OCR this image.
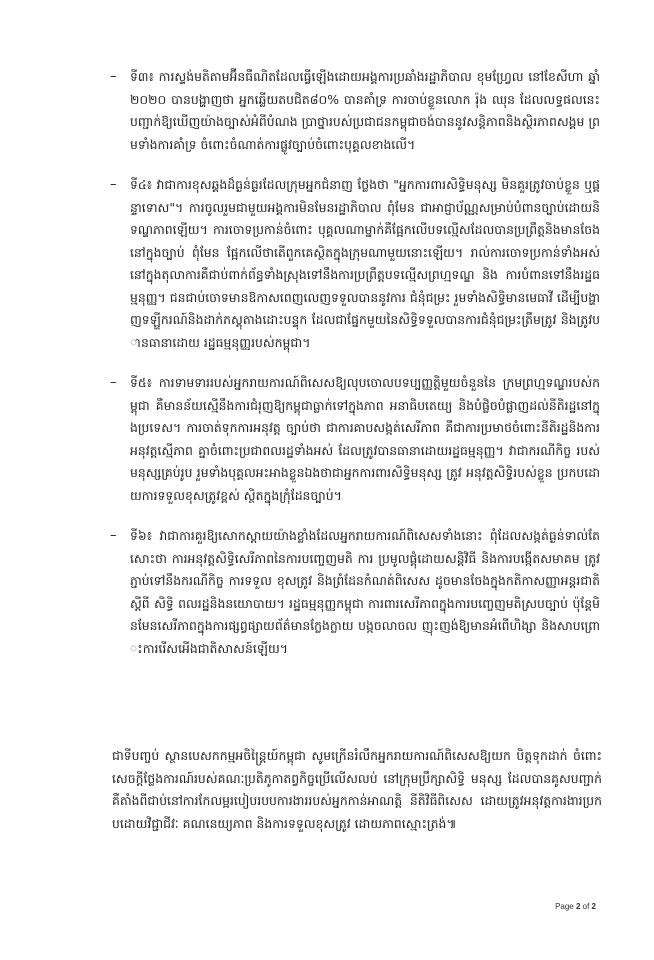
– ទី៣៖ ការស្ទង់មតិតាមអ៊ីនធឺណិតដែលធ្វើឡើងដោយអង្គការប្រឆាំងរដ្ឋាភិបាល ខុមហ្វ្រែល នៅខែសីហា ឆ្នាំ២០២០ បានបង្ហាញថា អ្នកឆ្លើយតបជិត៨០% បានគាំទ្រ ការចាប់ខ្លួនលោក រ៉ុង ឈុន ដែលលទ្ធផលនេះបញ្ជាក់ឱ្យឃើញយ៉ាងច្បាស់អំពីបំណង ប្រាថ្នារបស់ប្រជាជនកម្ពុជាចង់បាននូវសន្តិភាពនិងស្ថិរភាពសង្គម ព្រមទាំងការគាំទ្រ ចំពោះចំណាត់ការផ្លូវច្បាប់ចំពោះបុគ្គលខាងលើ។

– ទី៤៖ វាជាការខុសឆ្គងដ៏ធ្ងន់ធ្ងរដែលក្រុមអ្នកជំនាញ ថ្លែងថា "អ្នកការពារសិទ្ធិមនុស្ស មិនគួរត្រូវចាប់ខ្លួន ឬផ្តន្ទាទោស"។ ការចូលរួមជាមួយអង្គការមិនមែនរដ្ឋាភិបាល ពុំមែន ជាអាជ្ញាប័ណ្ណសម្រាប់បំពានច្បាប់ដោយនិទណ្ឌភាពឡើយ។ ការចោទប្រកាន់ចំពោះ បុគ្គលណាម្នាក់គឺផ្អែកលើបទល្មើសដែលបានប្រព្រឹត្តនិងមានចែងនៅក្នុងច្បាប់ ពុំមែន ផ្អែកលើថាតើពួកគេស្ថិតក្នុងក្រុមណាមួយនោះឡើយ។ រាល់ការចោទប្រកាន់ទាំងអស់ នៅក្នុងតុលាការគឺជាប់ពាក់ព័ន្ធទាំងស្រុងទៅនឹងការប្រព្រឹត្តបទល្មើសព្រហ្មទណ្ឌ និង ការបំពានទៅនឹងរដ្ឋធម្មនុញ្ញ។ ជនជាប់ចោទមានឱកាសពេញលេញទទួលបាននូវការ ជំនុំជម្រះ រួមទាំងសិទ្ធិមានមេធាវី ដើម្បីបង្ហាញទឡ្ហីករណ៍និងដាក់ភស្តុតាងដោះបន្ទុក ដែលជាផ្នែកមួយនៃសិទ្ធិទទួលបានការជំនុំជម្រះត្រឹមត្រូវ និងត្រូវបានធានាដោយ រដ្ឋធម្មនុញ្ញរបស់កម្ពុជា។

– ទី៥៖ ការទាមទាររបស់អ្នករាយការណ៍ពិសេសឱ្យលុបចោលបទប្បញ្ញត្តិមួយចំនួននៃ ក្រមព្រហ្មទណ្ឌរបស់កម្ពុជា គឺមានន័យស្មើនឹងការជំរុញឱ្យកម្ពុជាធ្លាក់ទៅក្នុងភាព អនាធិបតេយ្យ និងបំផ្លិចបំផ្លាញដល់នីតិរដ្ឋនៅក្នុងប្រទេស។ ការចាត់ទុកការអនុវត្ត ច្បាប់ថា ជាការគាបសង្កត់សេរីភាព គឺជាការប្រមាថចំពោះនីតិរដ្ឋនិងការអនុវត្តស្មើភាព គ្នាចំពោះប្រជាពលរដ្ឋទាំងអស់ ដែលត្រូវបានធានាដោយរដ្ឋធម្មនុញ្ញ។ វាជាករណីកិច្ច របស់មនុស្សគ្រប់រូប រួមទាំងបុគ្គលអះអាងខ្លួនឯងថាជាអ្នកការពារសិទ្ធិមនុស្ស ត្រូវ អនុវត្តសិទ្ធិរបស់ខ្លួន ប្រកបដោយការទទួលខុសត្រូវខ្ពស់ ស្ថិតក្នុងក្រុំដែនច្បាប់។

– ទី៦៖ វាជាការគួរឱ្យសោកស្ដាយយ៉ាងខ្លាំងដែលអ្នករាយការណ៍ពិសេសទាំងនោះ ពុំដែលសង្កត់ធ្ងន់ទាល់តែសោះថា ការអនុវត្តសិទ្ធិសេរីភាពនៃការបញ្ចេញមតិ ការ ប្រមូលផ្ដុំដោយសន្តិវិធី និងការបង្កើតសមាគម ត្រូវភ្ជាប់ទៅនឹងករណីកិច្ច ការទទួល ខុសត្រូវ និងព្រំដែនកំណត់ពិសេស ដូចមានចែងក្នុងកតិកាសញ្ញាអន្តរជាតិស្ដីពី សិទ្ធិ ពលរដ្ឋនិងនយោបាយ។ រដ្ឋធម្មនុញ្ញកម្ពុជា ការពារសេរីភាពក្នុងការបញ្ចេញមតិស្របច្បាប់ ប៉ុន្តែមិនមែនសេរីភាពក្នុងការផ្សព្វផ្សាយព័ត៌មានក្លែងក្លាយ បង្កចលាចល ញុះញង់ឱ្យមានអំពើហិង្សា និងសាបព្រោះការរើសអើងជាតិសាសន៍ឡើយ។

ជាទីបញ្ចប់ ស្ថានបេសកកម្មអចិន្ត្រៃយ៍កម្ពុជា សូមក្រើនរំលឹកអ្នករាយការណ៍ពិសេសឱ្យយក បិត្តទុកដាក់ ចំពោះសេចក្តីថ្លែងការណ៍របស់គណៈប្រតិភូកាតព្វកិច្ចប្រើលើសលប់ នៅក្រុមប្រឹក្សាសិទ្ធិ មនុស្ស ដែលបានគូសបញ្ជាក់គឺតាំងពីជាប់នៅការកែលម្អរបៀបរបបការងាររបស់អ្នកកាន់អាណត្តិ នីតិវិធីពិសេស ដោយត្រូវអនុវត្តការងារប្រកបដោយវិជ្ជាជីវៈ គណនេយ្យភាព និងការទទួលខុសត្រូវ ដោយភាពស្មោះត្រង់៕

Page 2 of 2
